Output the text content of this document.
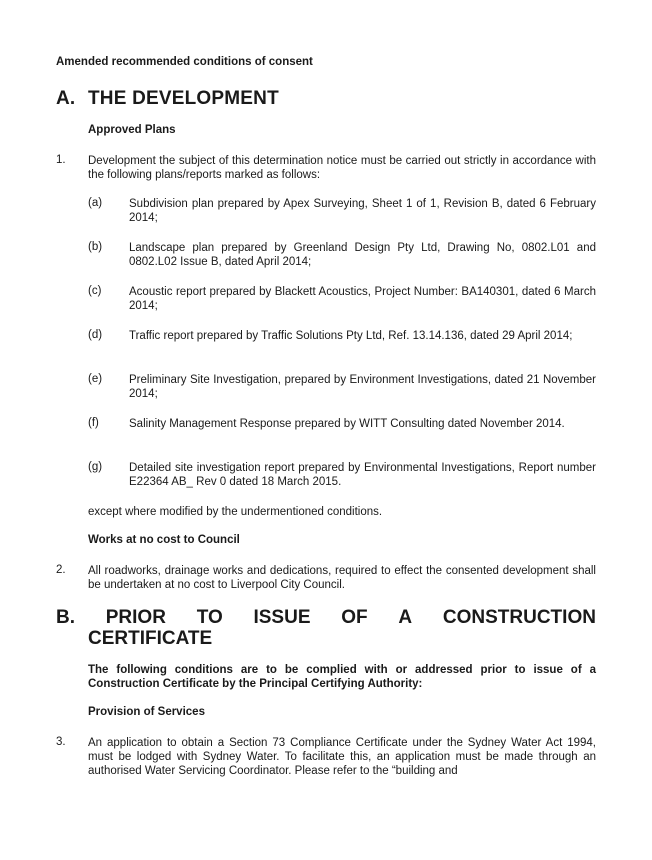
Amended recommended conditions of consent
A. THE DEVELOPMENT
Approved Plans
1. Development the subject of this determination notice must be carried out strictly in accordance with the following plans/reports marked as follows:
(a) Subdivision plan prepared by Apex Surveying, Sheet 1 of 1, Revision B, dated 6 February 2014;
(b) Landscape plan prepared by Greenland Design Pty Ltd, Drawing No, 0802.L01 and 0802.L02 Issue B, dated April 2014;
(c) Acoustic report prepared by Blackett Acoustics, Project Number: BA140301, dated 6 March 2014;
(d) Traffic report prepared by Traffic Solutions Pty Ltd, Ref. 13.14.136, dated 29 April 2014;
(e) Preliminary Site Investigation, prepared by Environment Investigations, dated 21 November 2014;
(f)	Salinity Management Response prepared by WITT Consulting dated November 2014.
(g) Detailed site investigation report prepared by Environmental Investigations, Report number E22364 AB_ Rev 0 dated 18 March 2015.
except where modified by the undermentioned conditions.
Works at no cost to Council
2. All roadworks, drainage works and dedications, required to effect the consented development shall be undertaken at no cost to Liverpool City Council.
B. PRIOR TO ISSUE OF A CONSTRUCTION
CERTIFICATE
The following conditions are to be complied with or addressed prior to issue of a Construction Certificate by the Principal Certifying Authority:
Provision of Services
3. An application to obtain a Section 73 Compliance Certificate under the Sydney Water Act 1994, must be lodged with Sydney Water. To facilitate this, an application must be made through an authorised Water Servicing Coordinator. Please refer to the “building and
